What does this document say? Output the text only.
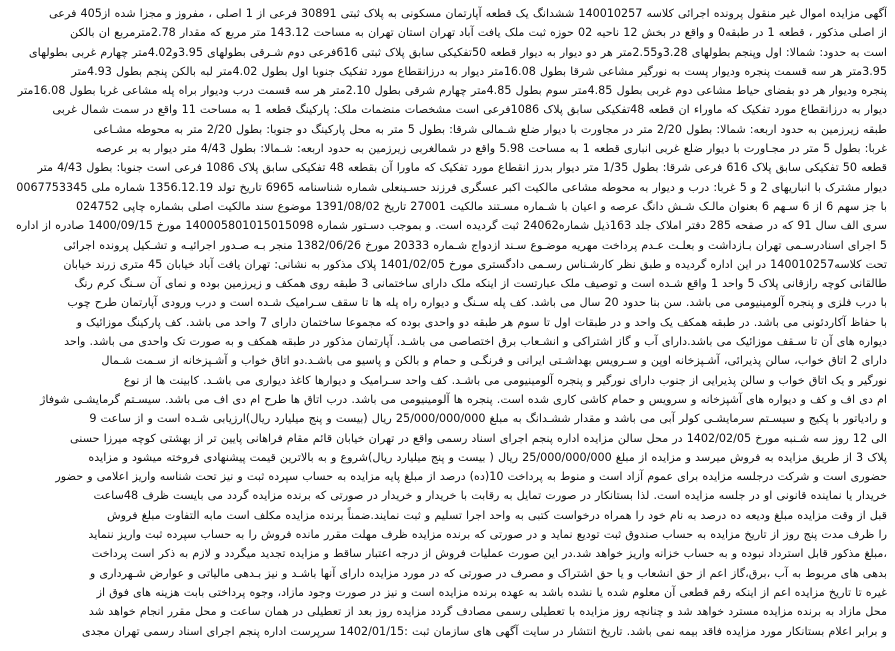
آگهی مزایده اموال غیر منقول پرونده اجرائی کلاسه 140010257 ششدانگ یک قطعه آپارتمان مسکونی به پلاک ثبتی 30891 فرعی از 1 اصلی ، مفروز و مجزا شده از405 فرعی
از اصلی مذکور ، قطعه 1 در طبقه0 و واقع در بخش 12 ناحیه 02 حوزه ثبت ملک یافت آباد تهران استان تهران به مساحت 143.12 متر مربع که مقدار 2.78مترمربع ان بالکن
است به حدود: شمالا: اول وپنجم بطولهای 3.28و2.55متر هر دو دیوار به دیوار قطعه 50تفکیکی سابق پلاک ثبتی 616فرعی دوم شـرقی بطولهای 3.95و4.02متر چهارم غربی بطولهای
3.95متر هر سه قسمت پنجره ودیوار پست به نورگیر مشاعی شرقا بطول 16.08متر دیوار به درزانقطاع مورد تفکیک جنوبا اول بطول 4.02متر لبه بالکن پنجم بطول 4.93متر
پنجره ودیوار هر دو بفضای حیاط مشاعی دوم غربی بطول 4.85متر سوم بطول 4.85متر چهارم شرقی بطول 2.10متر هر سه قسمت درب ودیوار براه پله مشاعی غربا بطول 16.08متر
دیوار به درزانقطاع مورد تفکیک که ماوراء ان قطعه 48تفکیکی سابق پلاک 1086فرعی است مشخصات منضمات ملک: پارکینگ قطعه 1 به مساحت 11 واقع در سمت شمال غربی
طبقه زیرزمین به حدود اربعه: شمالا: بطول 2/20 متر در مجاورت با دیوار ضلع شـمالی شرقا: بطول 5 متر به محل پارکینگ دو جنوبا: بطول 2/20 متر به محوطه مشـاعی
غربا: بطول 5 متر در مجـاورت با دیوار ضلع غربی انباری قطعه 1 به مساحت 5.98 واقع در شمالغربی زیرزمین به حدود اربعه: شـمالا: بطول 4/43 متر دیوار به بر عرصه
قطعه 50 تفکیکی سابق پلاک 616 فرعی شرقا: بطول 1/35 متر دیوار بدرز انقطاع مورد تفکیک که ماورا آن بقطعه 48 تفکیکی سابق پلاک 1086 فرعی است جنوبا: بطول 4/43 متر
دیوار مشترک با انباریهای 2 و 5 غربا: درب و دیوار به محوطه مشاعی مالکیت اکبر عسگری فرزند حسـینعلی شماره شناسنامه 6965 تاریخ تولد 1356.12.19 شماره ملی 0067753345
با جز سهم 6 از 6 سـهم 6 بعنوان مالـک شـش دانگ عرصه و اعیان با شـماره مسـتند مالکیت 27001 تاریخ 1391/08/02 موضوع سند مالکیت اصلی بشماره چاپی 024752
سری الف سال 91 که در صفحه 285 دفتر املاک جلد 163ذیل شماره24062 ثبت گردیده است. و بموجب دسـتور شماره 140005801015015098 مورخ 1400/09/15 صادره از اداره
5 اجرای اسنادرسـمی تهران بـازداشت و بعلـت عـدم پرداخت مهریه موضـوع سـند ازدواج شـماره 20333 مورخ 1382/06/26 منجر بـه صـدور اجرائیـه و تشـکیل پرونده اجرائی
تحت کلاسه140010257 در این اداره گردیده و طبق نظر کارشـناس رسـمی دادگستری مورخ 1401/02/05 پلاک مذکور به نشانی: تهران یافت آباد خیابان 45 متری زرند خیابان
طالقانی کوچه رازقانی پلاک 5 واحد 1 واقع شـده است و توصیف ملک عبارتست از اینکه ملک دارای ساختمانی 3 طبقه روی همکف و زیرزمین بوده و نمای آن سـنگ کرم رنگ
با درب فلزی و پنجره آلومینیومی می باشد. سن بنا حدود 20 سال می باشد. کف پله سـنگ و دیواره راه پله ها تا سقف سـرامیک شـده است و درب ورودی آپارتمان طرح چوب
با حفاظ آکاردئونی می باشد. در طبقه همکف یک واحد و در طبقات اول تا سوم هر طبقه دو واحدی بوده که مجموعا ساختمان دارای 7 واحد می باشد. کف پارکینگ موزائیک و
دیواره های آن تا سـقف موزائیک می باشد.دارای آب و گاز اشتراکی و انشـعاب برق اختصاصی می باشـد. آپارتمان مذکور در طبقه همکف و به صورت تک واحدی می باشد. واحد
دارای 2 اتاق خواب، سالن پذیرائی، آشـپزخانه اوپن و سـرویس بهداشـتی ایرانی و فرنگـی و حمام و بالکن و پاسیو می باشـد.دو اتاق خواب و آشـپزخانه از سـمت شـمال
نورگیر و یک اتاق خواب و سالن پذیرایی از جنوب دارای نورگیر و پنجره آلومینیومی می باشـد. کف واحد سـرامیک و دیوارها کاغذ دیواری می باشـد. کابینت ها از نوع
ام دی اف و کف و دیواره های آشپزخانه و سرویس و حمام کاشی کاری شده است. پنجره ها آلومینیومی می باشد. درب اتاق ها طرح ام دی اف می باشد. سیسـتم گرمایشـی شوفاژ
و رادیاتور با پکیج و سیسـتم سرمایشـی کولر آبی می باشد و مقدار ششـدانگ به مبلغ 25/000/000/000 ریال (بیست و پنج میلیارد ریال)ارزیابی شـده است و از ساعت 9
الی 12 روز سه شـنبه مورخ 1402/02/05 در محل سالن مزایده اداره پنجم اجرای اسناد رسمی واقع در تهران خیابان قائم مقام فراهانی پایین تر از بهشتی کوچه میرزا حسنی
پلاک 3 از طریق مزایده به فروش میرسد و مزایده از مبلغ 25/000/000/000 ریال ( بیست و پنج میلیارد ریال)شروع و به بالاترین قیمت پیشنهادی فروخته میشود و مزایده
حضوری است و شرکت درجلسه مزایده برای عموم آزاد است و منوط به پرداخت 10(ده) درصد از مبلغ پایه مزایده به حساب سپرده ثبت و نیز تحت شناسه واریز اعلامی و حضور
خریدار یا نماینده قانونی او در جلسه مزایده است. لذا بستانکار در صورت تمایل به رقابت با خریدار و خریدار در صورتی که برنده مزایده گردد می بایست ظرف 48ساعت
قبل از وقت مزایده مبلغ ودیعه ده درصد به نام خود را همراه درخواست کتبی به واحد اجرا تسلیم و ثبت نمایند.ضمناً برنده مزایده مکلف است مابه التفاوت مبلغ فروش
را ظرف مدت پنج روز از تاریخ مزایده به حساب صندوق ثبت تودیع نماید و در صورتی که برنده مزایده ظرف مهلت مقرر مانده فروش را به حساب سپرده ثبت واریز ننماید
،مبلغ مذکور قابل استرداد نبوده و به حساب خزانه واریز خواهد شد.در این صورت عملیات فروش از درجه اعتبار ساقط و مزایده تجدید میگردد و لازم به ذکر است پرداخت
بدهی های مربوط به آب ،برق،گاز اعم از حق انشعاب و یا حق اشتراک و مصرف در صورتی که در مورد مزایده دارای آنها باشـد و نیز بـدهی مالیاتی و عوارض شـهرداری و
غیره تا تاریخ مزایده اعم از اینکه رقم قطعی آن معلوم شده یا نشده باشد به عهده برنده مزایده است و نیز در صورت وجود مازاد، وجوه پرداختی بابت هزینه های فوق از
محل مازاد به برنده مزایده مسترد خواهد شد و چنانچه روز مزایده با تعطیلی رسمی مصادف گردد مزایده روز بعد از تعطیلی در همان ساعت و محل مقرر انجام خواهد شد
و برابر اعلام بستانکار مورد مزایده فاقد بیمه نمی باشد. تاریخ انتشار در سایت آگهی های سازمان ثبت :1402/01/15 سرپرست اداره پنجم اجرای اسناد رسمی تهران مجدی
